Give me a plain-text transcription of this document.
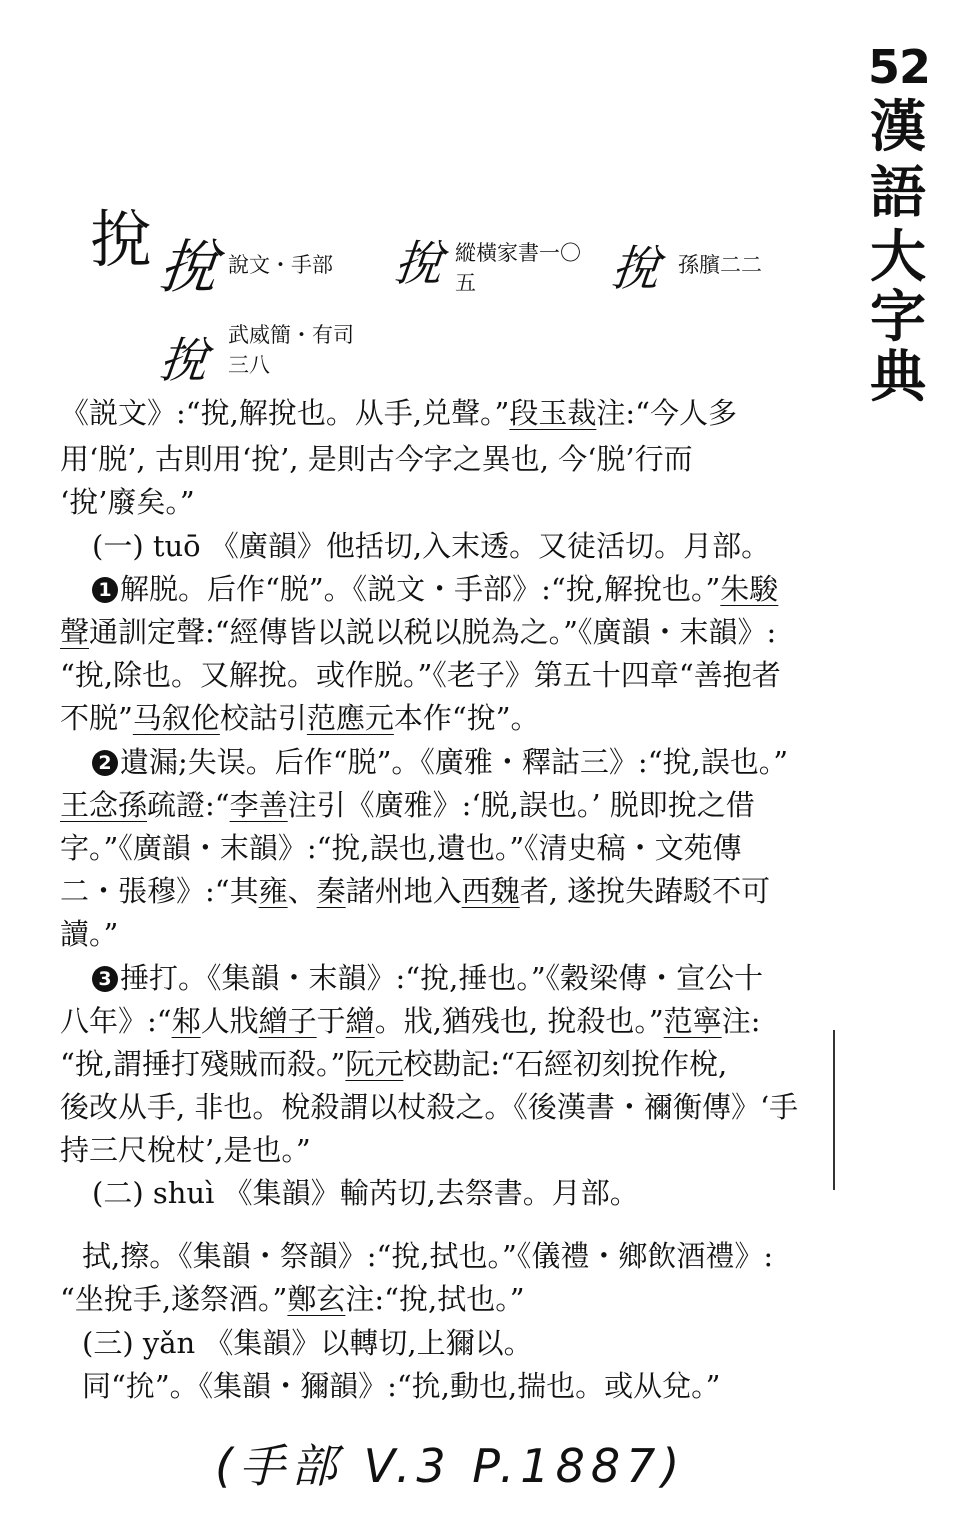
52
漢
語
大
字
典
挩 挩 說文・手部 挩 縱橫家書一〇五	挩 孫臏二二
挩 武威簡・有司三八
《説文》:“挩,解挩也。从手,兑聲。”段玉裁注:“今人多
用‘脱’, 古則用‘挩’, 是則古今字之異也, 今‘脱’行而
‘挩’廢矣。”
(一) tuō 《廣韻》他括切,入末透。又徒活切。月部。
1 解脱。后作“脱”。《説文・手部》:“挩,解挩也。”朱駿
聲通訓定聲:“經傳皆以説以税以脱為之。”《廣韻・末韻》:
“挩,除也。又解挩。或作脱。”《老子》第五十四章“善抱者
不脱”马叙伦校詁引范應元本作“挩”。
2 遺漏;失误。后作“脱”。《廣雅・釋詁三》:“挩,誤也。”
王念孫疏證:“李善注引《廣雅》:‘脱,誤也。’ 脱即挩之借
字。”《廣韻・末韻》:“挩,誤也,遺也。”《清史稿・文苑傳
二・張穆》:“其雍、秦諸州地入西魏者, 遂挩失踳駁不可
讀。”
3 捶打。《集韻・末韻》:“挩,捶也。”《穀梁傳・宣公十
八年》:“邾人戕繒子于繒。戕,猶残也, 挩殺也。”范寧注:
“挩,謂捶打殘賊而殺。”阮元校勘記:“石經初刻挩作梲,
後改从手, 非也。梲殺謂以杖殺之。《後漢書・禰衡傳》‘手
持三尺梲杖’,是也。”
(二) shuì 《集韻》輸芮切,去祭書。月部。
拭,擦。《集韻・祭韻》:“挩,拭也。”《儀禮・鄉飲酒禮》:
“坐挩手,遂祭酒。”鄭玄注:“挩,拭也。”
(三) yǎn 《集韻》以轉切,上獮以。
同“抁”。《集韻・獮韻》:“抁,動也,揣也。或从兌。”
(手部 V.3 P.1887)
